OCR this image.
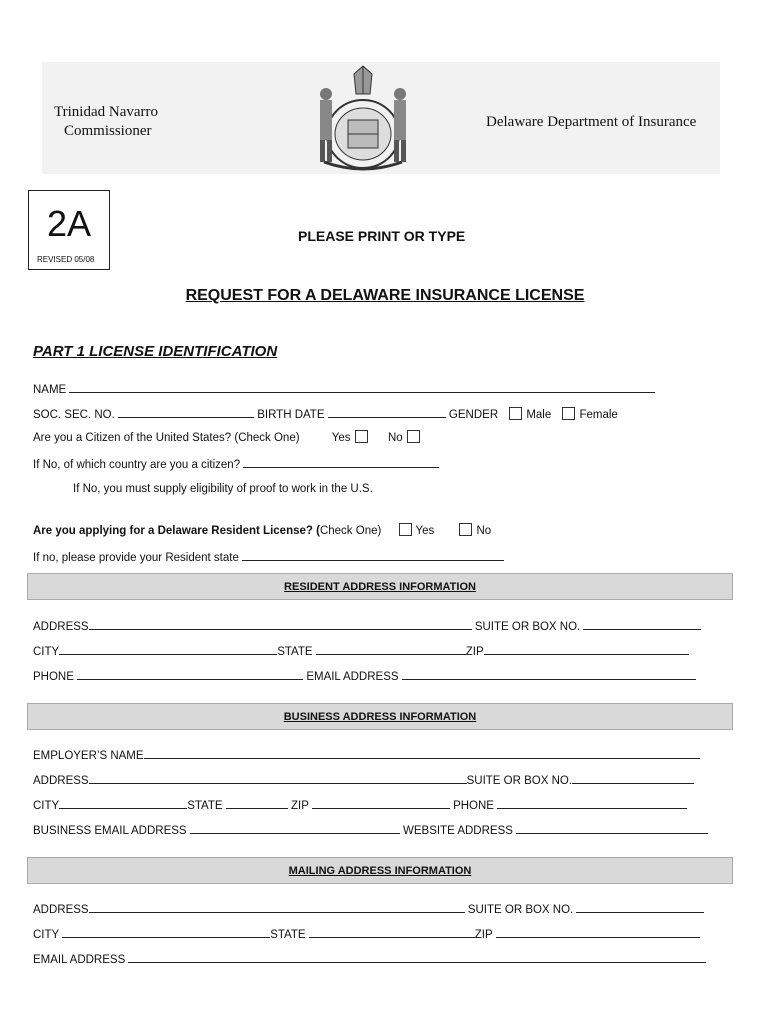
Trinidad Navarro
Commissioner
Delaware Department of Insurance
2A
REVISED 05/08
PLEASE PRINT OR TYPE
REQUEST FOR A DELAWARE INSURANCE LICENSE
PART 1 LICENSE IDENTIFICATION
NAME
SOC. SEC. NO.	BIRTH DATE	GENDER Male Female
Are you a Citizen of the United States? (Check One)	Yes	No
If No, of which country are you a citizen?
If No, you must supply eligibility of proof to work in the U.S.
Are you applying for a Delaware Resident License? (Check One)	Yes	No
If no, please provide your Resident state
RESIDENT ADDRESS INFORMATION
ADDRESS	SUITE OR BOX NO.
CITY	STATE	ZIP
PHONE	EMAIL ADDRESS
BUSINESS ADDRESS INFORMATION
EMPLOYER’S NAME
ADDRESS	SUITE OR BOX NO.
CITY	STATE	ZIP	PHONE
BUSINESS EMAIL ADDRESS	WEBSITE ADDRESS
MAILING ADDRESS INFORMATION
ADDRESS	SUITE OR BOX NO.
CITY	STATE	ZIP
EMAIL ADDRESS
